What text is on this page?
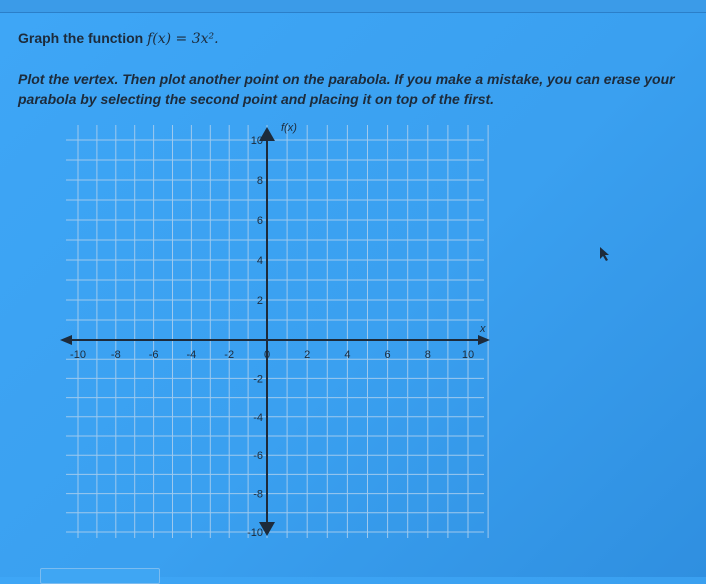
Graph the function f(x) = 3x².
Plot the vertex. Then plot another point on the parabola. If you make a mistake, you can erase your parabola by selecting the second point and placing it on top of the first.
-10 -8	-6	-4	-2	0	2	4	6	8	10
10
8
6
4
2
-2
-4
-6
-8
-10
f(x)
x
